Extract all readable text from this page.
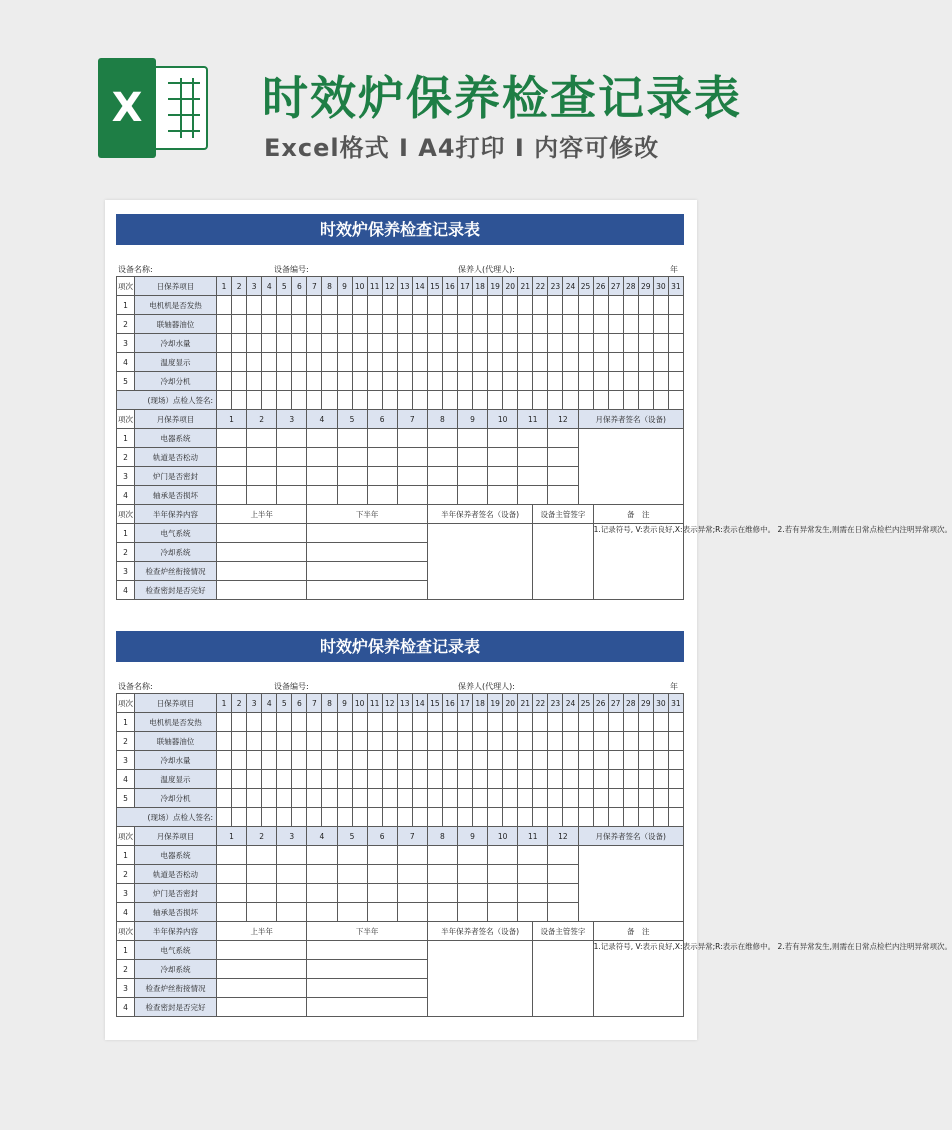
X	时效炉保养检查记录表
Excel格式 I A4打印 I 内容可修改
时效炉保养检查记录表
设备名称:	设备编号:	保养人(代理人):	年
项次	日保养项目	1	2	3	4	5	6	7	8	9	10	11	12	13	14	15	16	17	18	19	20	21	22	23	24	25	26	27	28	29	30	31
1	电机机是否发热																															
2	联轴器油位																															
3	冷却水量																															
4	温度显示																															
5	冷却分机																															
(现场）点检人签名:																																
项次	月保养项目	1		2		3		4		5		6		7		8		9		10		11		12		月保养者签名（设备)						
1	电器系统																															
2	轨道是否松动																															
3	炉门是否密封																															
4	轴承是否损坏																															
项次	半年保养内容	上半年						下半年								半年保养者签名（设备)							设备主管签字				备　注					
1	电气系统																										1.记录符号, V:表示良好,X:表示异常;R:表示在维修中。 2.若有异常发生,则需在日常点检栏内注明异常项次。					
2	冷却系统																															
3	检查炉丝衔接情况																															
4	检查密封是否完好																															
时效炉保养检查记录表
设备名称:	设备编号:	保养人(代理人):	年
项次	日保养项目	1	2	3	4	5	6	7	8	9	10	11	12	13	14	15	16	17	18	19	20	21	22	23	24	25	26	27	28	29	30	31
1	电机机是否发热																															
2	联轴器油位																															
3	冷却水量																															
4	温度显示																															
5	冷却分机																															
(现场）点检人签名:																																
项次	月保养项目	1		2		3		4		5		6		7		8		9		10		11		12		月保养者签名（设备)						
1	电器系统																															
2	轨道是否松动																															
3	炉门是否密封																															
4	轴承是否损坏																															
项次	半年保养内容	上半年						下半年								半年保养者签名（设备)							设备主管签字				备　注					
1	电气系统																										1.记录符号, V:表示良好,X:表示异常;R:表示在维修中。 2.若有异常发生,则需在日常点检栏内注明异常项次。					
2	冷却系统																															
3	检查炉丝衔接情况																															
4	检查密封是否完好																															
